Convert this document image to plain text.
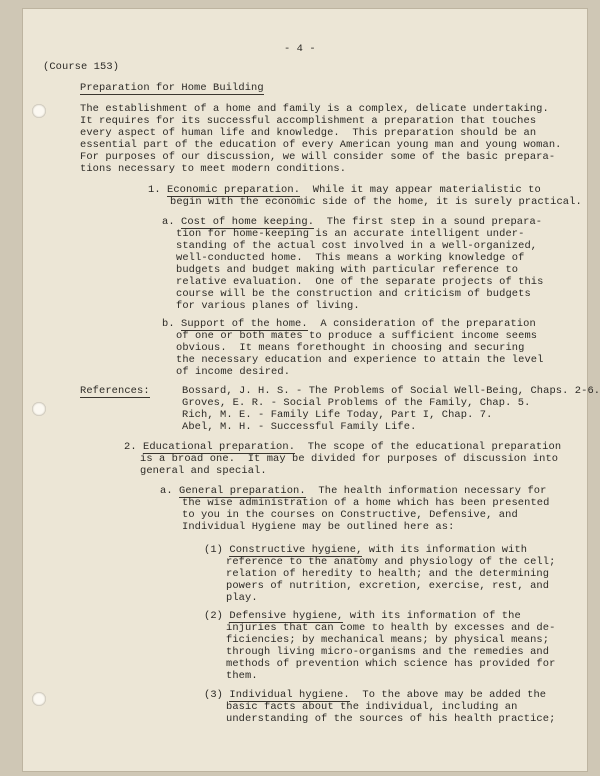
- 4 -

(Course 153)

Preparation for Home Building

The establishment of a home and family is a complex, delicate undertaking.

It requires for its successful accomplishment a preparation that touches

every aspect of human life and knowledge.  This preparation should be an

essential part of the education of every American young man and young woman.

For purposes of our discussion, we will consider some of the basic prepara-

tions necessary to meet modern conditions.

1. Economic preparation.  While it may appear materialistic to

begin with the economic side of the home, it is surely practical.

a. Cost of home keeping.  The first step in a sound prepara-

tion for home-keeping is an accurate intelligent under-

standing of the actual cost involved in a well-organized,

well-conducted home.  This means a working knowledge of

budgets and budget making with particular reference to

relative evaluation.  One of the separate projects of this

course will be the construction and criticism of budgets

for various planes of living.

b. Support of the home.  A consideration of the preparation

of one or both mates to produce a sufficient income seems

obvious.  It means forethought in choosing and securing

the necessary education and experience to attain the level

of income desired.

References:	Bossard, J. H. S. - The Problems of Social Well-Being, Chaps. 2-6.

Groves, E. R. - Social Problems of the Family, Chap. 5.

Rich, M. E. - Family Life Today, Part I, Chap. 7.

Abel, M. H. - Successful Family Life.

2. Educational preparation.  The scope of the educational preparation

is a broad one.  It may be divided for purposes of discussion into

general and special.

a. General preparation.  The health information necessary for

the wise administration of a home which has been presented

to you in the courses on Constructive, Defensive, and

Individual Hygiene may be outlined here as:

(1) Constructive hygiene, with its information with

reference to the anatomy and physiology of the cell;

relation of heredity to health; and the determining

powers of nutrition, excretion, exercise, rest, and

play.

(2) Defensive hygiene, with its information of the

injuries that can come to health by excesses and de-

ficiencies; by mechanical means; by physical means;

through living micro-organisms and the remedies and

methods of prevention which science has provided for

them.

(3) Individual hygiene.  To the above may be added the

basic facts about the individual, including an

understanding of the sources of his health practice;
